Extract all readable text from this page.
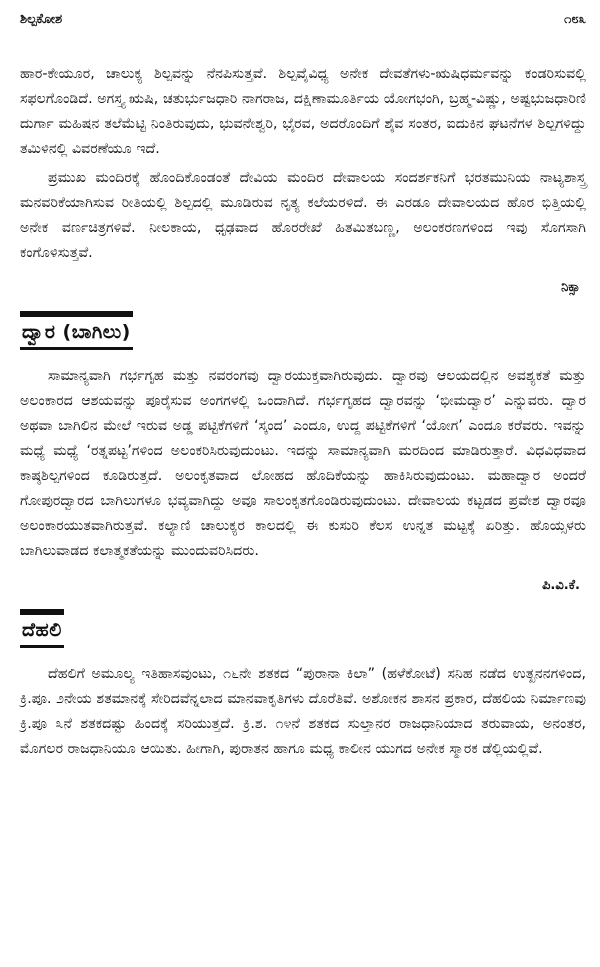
ಶಿಲ್ಪಕೋಶ	೧೮೩

ಹಾರ-ಕೇಯೂರ, ಚಾಲುಕ್ಯ ಶಿಲ್ಪವನ್ನು ನೆನಪಿಸುತ್ತವೆ. ಶಿಲ್ಪವೈವಿಧ್ಯ ಅನೇಕ ದೇವತೆಗಳು-ಋಷಿಧರ್ಮವನ್ನು ಕಂಡರಿಸುವಲ್ಲಿ ಸಫಲಗೊಂಡಿದೆ. ಅಗಸ್ತ್ಯ ಋಷಿ, ಚತುರ್ಭುಜಧಾರಿ ನಾಗರಾಜ, ದಕ್ಷಿಣಾಮೂರ್ತಿಯ ಯೋಗಭಂಗಿ, ಬ್ರಹ್ಮ-ವಿಷ್ಣು, ಅಷ್ಟಭುಜಧಾರಿಣಿ ದುರ್ಗಾ ಮಹಿಷನ ತಲೆಮೆಟ್ಟಿ ನಿಂತಿರುವುದು, ಭುವನೇಶ್ವರಿ, ಭೈರವ, ಅದರೊಂದಿಗೆ ಶೈವ ಸಂತರ, ಐದುಕಿನ ಘಟನೆಗಳ ಶಿಲ್ಪಗಳಿದ್ದು ತಮಿಳಿನಲ್ಲಿ ವಿವರಣೆಯೂ ಇದೆ.

ಪ್ರಮುಖ ಮಂದಿರಕ್ಕೆ ಹೊಂದಿಕೊಂಡಂತೆ ದೇವಿಯ ಮಂದಿರ ದೇವಾಲಯ ಸಂದರ್ಶಕನಿಗೆ ಭರತಮುನಿಯ ನಾಟ್ಯಶಾಸ್ತ್ರ ಮನವರಿಕೆಯಾಗಿಸುವ ರೀತಿಯಲ್ಲಿ ಶಿಲ್ಪದಲ್ಲಿ ಮೂಡಿರುವ ನೃತ್ಯ ಕಲೆಯರಳಿದೆ. ಈ ಎರಡೂ ದೇವಾಲಯದ ಹೊರ ಭಿತ್ತಿಯಲ್ಲಿ ಅನೇಕ ವರ್ಣಚಿತ್ರಗಳಿವೆ. ನೀಲಕಾಯ, ಧೃಢವಾದ ಹೊರರೇಖೆ ಹಿತಮಿತಬಣ್ಣ, ಅಲಂಕರಣಗಳಿಂದ ಇವು ಸೊಗಸಾಗಿ ಕಂಗೊಳಿಸುತ್ತವೆ.

ನಿಕ್ಸಾ
ದ್ವಾರ (ಬಾಗಿಲು)

ಸಾಮಾನ್ಯವಾಗಿ ಗರ್ಭಗೃಹ ಮತ್ತು ನವರಂಗವು ದ್ವಾರಯುಕ್ತವಾಗಿರುವುದು. ದ್ವಾರವು ಆಲಯದಲ್ಲಿನ ಅವಶ್ಯಕತೆ ಮತ್ತು ಅಲಂಕಾರದ ಆಶಯವನ್ನು ಪೂರೈಸುವ ಅಂಗಗಳಲ್ಲಿ ಒಂದಾಗಿದೆ. ಗರ್ಭಗೃಹದ ದ್ವಾರವನ್ನು ‘ಭೀಮದ್ವಾರ’ ಎನ್ನುವರು. ದ್ವಾರ ಅಥವಾ ಬಾಗಿಲಿನ ಮೇಲೆ ಇರುವ ಅಡ್ಡ ಪಟ್ಟಿಕೆಗಳಿಗೆ ‘ಸ್ಕಂದ’ ಎಂದೂ, ಉದ್ದ ಪಟ್ಟಿಕೆಗಳಿಗೆ ‘ಯೋಗ’ ಎಂದೂ ಕರೆವರು. ಇವನ್ನು ಮಧ್ಯೆ ಮಧ್ಯೆ ‘ರತ್ನಪಟ್ಟ’ಗಳಿಂದ ಅಲಂಕರಿಸಿರುವುದುಂಟು. ಇದನ್ನು ಸಾಮಾನ್ಯವಾಗಿ ಮರದಿಂದ ಮಾಡಿರುತ್ತಾರೆ. ವಿಧವಿಧವಾದ ಕಾಷ್ಠಶಿಲ್ಪಗಳಿಂದ ಕೂಡಿರುತ್ತದೆ. ಅಲಂಕೃತವಾದ ಲೋಹದ ಹೊದಿಕೆಯನ್ನು ಹಾಕಿಸಿರುವುದುಂಟು. ಮಹಾದ್ವಾರ ಅಂದರೆ ಗೋಪುರದ್ವಾರದ ಬಾಗಿಲುಗಳೂ ಭವ್ಯವಾಗಿದ್ದು ಅವೂ ಸಾಲಂಕೃತಗೊಂಡಿರುವುದುಂಟು. ದೇವಾಲಯ ಕಟ್ಟಡದ ಪ್ರವೇಶ ದ್ವಾರವೂ ಅಲಂಕಾರಯುತವಾಗಿರುತ್ತವೆ. ಕಲ್ಯಾಣಿ ಚಾಲುಕ್ಯರ ಕಾಲದಲ್ಲಿ ಈ ಕುಸುರಿ ಕೆಲಸ ಉನ್ನತ ಮಟ್ಟಕ್ಕೆ ಏರಿತ್ತು. ಹೊಯ್ಸಳರು ಬಾಗಿಲುವಾಡದ ಕಲಾತ್ಮಕತೆಯನ್ನು ಮುಂದುವರಿಸಿದರು.

ಪಿ.ವಿ.ಕೆ.
ದೆಹಲಿ

ದೆಹಲಿಗೆ ಅಮೂಲ್ಯ ಇತಿಹಾಸವುಂಟು, ೧೬ನೇ ಶತಕದ “ಪುರಾನಾ ಕಿಲಾ” (ಹಳೆಕೋಟೆ) ಸನಿಹ ನಡೆದ ಉತ್ಖನನಗಳಿಂದ, ಕ್ರಿ.ಪೂ. ೨ನೇಯ ಶತಮಾನಕ್ಕೆ ಸೇರಿದವೆನ್ನಲಾದ ಮಾನವಾಕೃತಿಗಳು ದೊರೆತಿವೆ. ಅಶೋಕನ ಶಾಸನ ಪ್ರಕಾರ, ದೆಹಲಿಯ ನಿರ್ಮಾಣವು ಕ್ರಿ.ಪೂ ೩ನೆ ಶತಕದಷ್ಟು ಹಿಂದಕ್ಕೆ ಸರಿಯುತ್ತದೆ. ಕ್ರಿ.ಶ. ೧೪ನೆ ಶತಕದ ಸುಲ್ತಾನರ ರಾಜಧಾನಿಯಾದ ತರುವಾಯ, ಅನಂತರ, ಮೊಗಲರ ರಾಜಧಾನಿಯೂ ಆಯಿತು. ಹೀಗಾಗಿ, ಪುರಾತನ ಹಾಗೂ ಮಧ್ಯ ಕಾಲೀನ ಯುಗದ ಅನೇಕ ಸ್ಮಾರಕ ಡೆಲ್ಲಿಯಲ್ಲಿವೆ.
